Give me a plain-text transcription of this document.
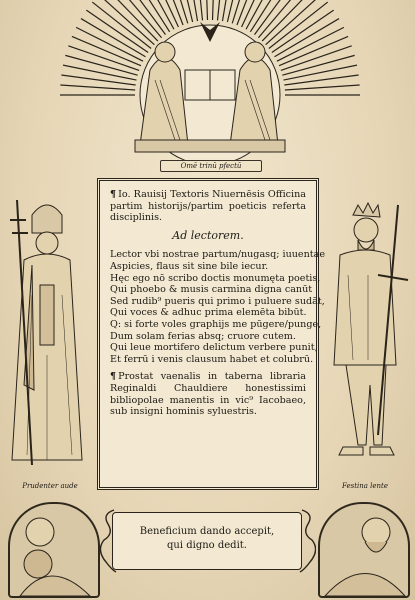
Omē trinū pfectū
Prudenter aude	Festina lente

¶ Io. Rauisij Textoris Niuernēsis Officina partim historijs/partim poeticis referta disciplinis.

Ad lectorem.

Lector vbi nostrae partum/nugasq; iuuentae

Aspicies, flaus sit sine bile iecur.

Hęc ego nō scribo doctis monumęta poetis,

Qui phoebo & musis carmina digna canūt

Sed rudib⁹ pueris qui primo i puluere sudāt,

Qui voces & adhuc prima elemēta bibūt.

Q: si forte voles graphijs me pūgere/punge,

Dum solam ferias absq; cruore cutem.

Qui leue mortifero delictum verbere punit,

Et ferrū i venis clausum habet et colubrū.

¶ Prostat vaenalis in taberna libraria Reginaldi Chauldiere honestissimi bibliopolae manentis in vic⁹ Iacobaeo, sub insigni hominis syluestris.

Beneficium dando accepit,
qui digno dedit.
